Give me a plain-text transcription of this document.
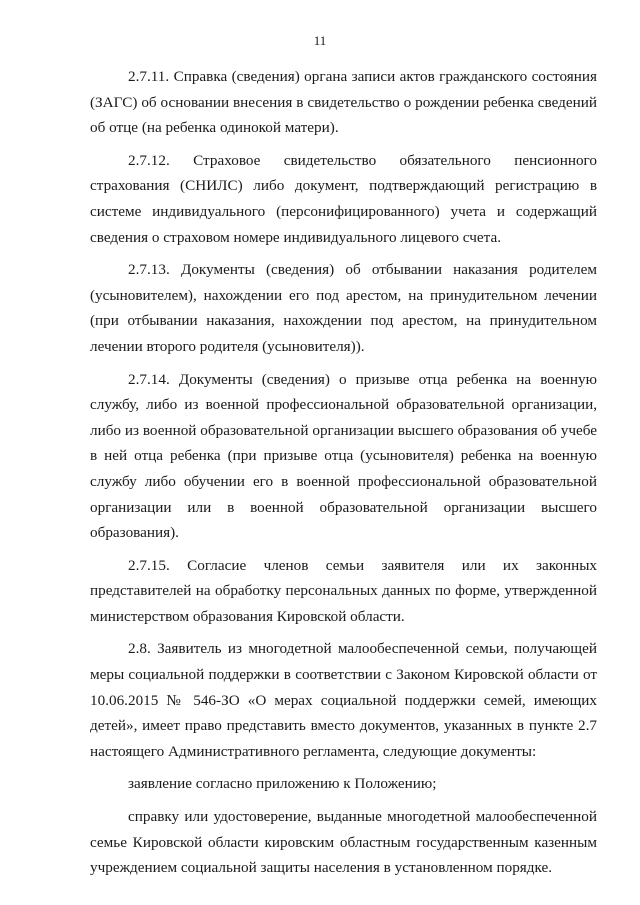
11

2.7.11. Справка (сведения) органа записи актов гражданского состояния (ЗАГС) об основании внесения в свидетельство о рождении ребенка сведений об отце (на ребенка одинокой матери).

2.7.12. Страховое свидетельство обязательного пенсионного страхования (СНИЛС) либо документ, подтверждающий регистрацию в системе индивидуального (персонифицированного) учета и содержащий сведения о страховом номере индивидуального лицевого счета.

2.7.13. Документы (сведения) об отбывании наказания родителем (усыновителем), нахождении его под арестом, на принудительном лечении (при отбывании наказания, нахождении под арестом, на принудительном лечении второго родителя (усыновителя)).

2.7.14. Документы (сведения) о призыве отца ребенка на военную службу, либо из военной профессиональной образовательной организации, либо из военной образовательной организации высшего образования об учебе в ней отца ребенка (при призыве отца (усыновителя) ребенка на военную службу либо обучении его в военной профессиональной образовательной организации или в военной образовательной организации высшего образования).

2.7.15. Согласие членов семьи заявителя или их законных представителей на обработку персональных данных по форме, утвержденной министерством образования Кировской области.

2.8. Заявитель из многодетной малообеспеченной семьи, получающей меры социальной поддержки в соответствии с Законом Кировской области от 10.06.2015 № 546-ЗО «О мерах социальной поддержки семей, имеющих детей», имеет право представить вместо документов, указанных в пункте 2.7 настоящего Административного регламента, следующие документы:

заявление согласно приложению к Положению;

справку или удостоверение, выданные многодетной малообеспеченной семье Кировской области кировским областным государственным казенным учреждением социальной защиты населения в установленном порядке.
